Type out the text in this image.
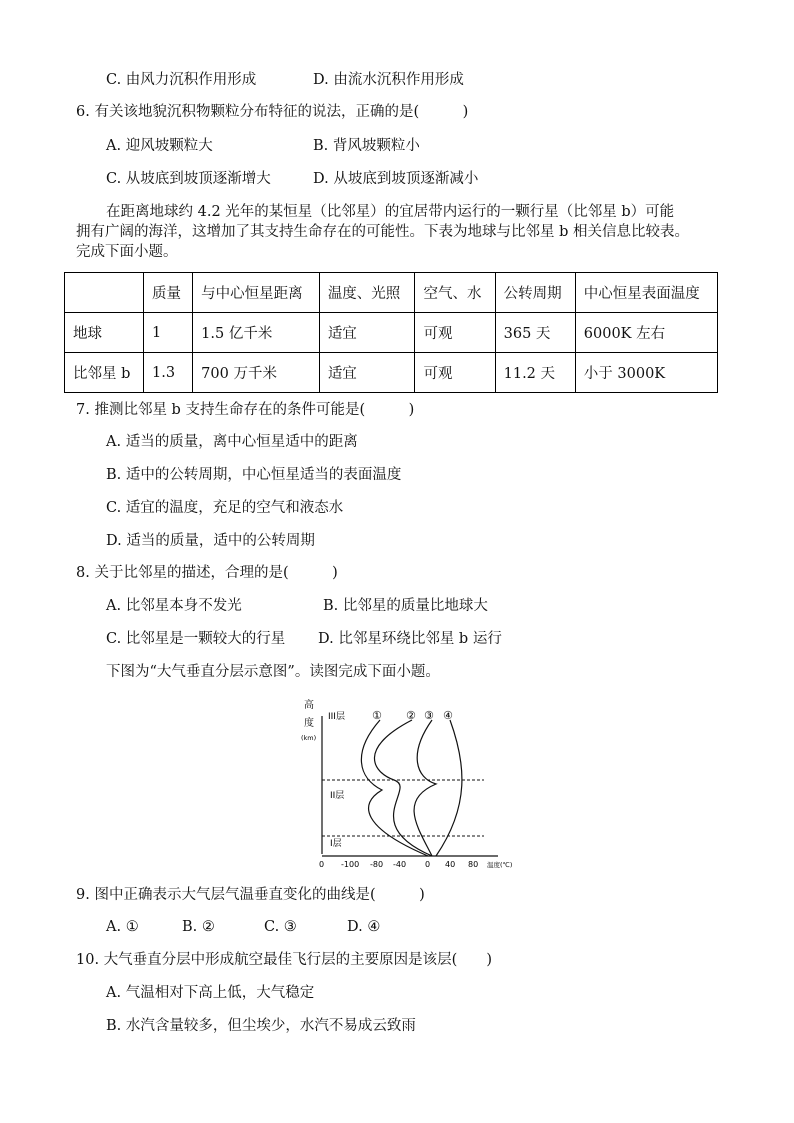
C. 由风力沉积作用形成	D. 由流水沉积作用形成
6. 有关该地貌沉积物颗粒分布特征的说法，正确的是(　　　)
A. 迎风坡颗粒大	B. 背风坡颗粒小
C. 从坡底到坡顶逐渐增大	D. 从坡底到坡顶逐渐减小
在距离地球约 4.2 光年的某恒星（比邻星）的宜居带内运行的一颗行星（比邻星 b）可能
拥有广阔的海洋，这增加了其支持生命存在的可能性。下表为地球与比邻星 b 相关信息比较表。
完成下面小题。
	质量	与中心恒星距离	温度、光照	空气、水	公转周期	中心恒星表面温度
地球	1	1.5 亿千米	适宜	可观	365 天	6000K 左右
比邻星 b	1.3	700 万千米	适宜	可观	11.2 天	小于 3000K
7. 推测比邻星 b 支持生命存在的条件可能是(　　　)
A. 适当的质量，离中心恒星适中的距离
B. 适中的公转周期，中心恒星适当的表面温度
C. 适宜的温度，充足的空气和液态水
D. 适当的质量，适中的公转周期
8. 关于比邻星的描述，合理的是(　　　)
A. 比邻星本身不发光	B. 比邻星的质量比地球大
C. 比邻星是一颗较大的行星 D. 比邻星环绕比邻星 b 运行
下图为“大气垂直分层示意图”。读图完成下面小题。
高
度
(km)
III层
II层
I层
① ② ③ ④
0 -100 -80 -40 0 40 80 温度(℃)
9. 图中正确表示大气层气温垂直变化的曲线是(　　　)
A. ①	B. ②	C. ③	D. ④
10. 大气垂直分层中形成航空最佳飞行层的主要原因是该层(　　)
A. 气温相对下高上低，大气稳定
B. 水汽含量较多，但尘埃少，水汽不易成云致雨
